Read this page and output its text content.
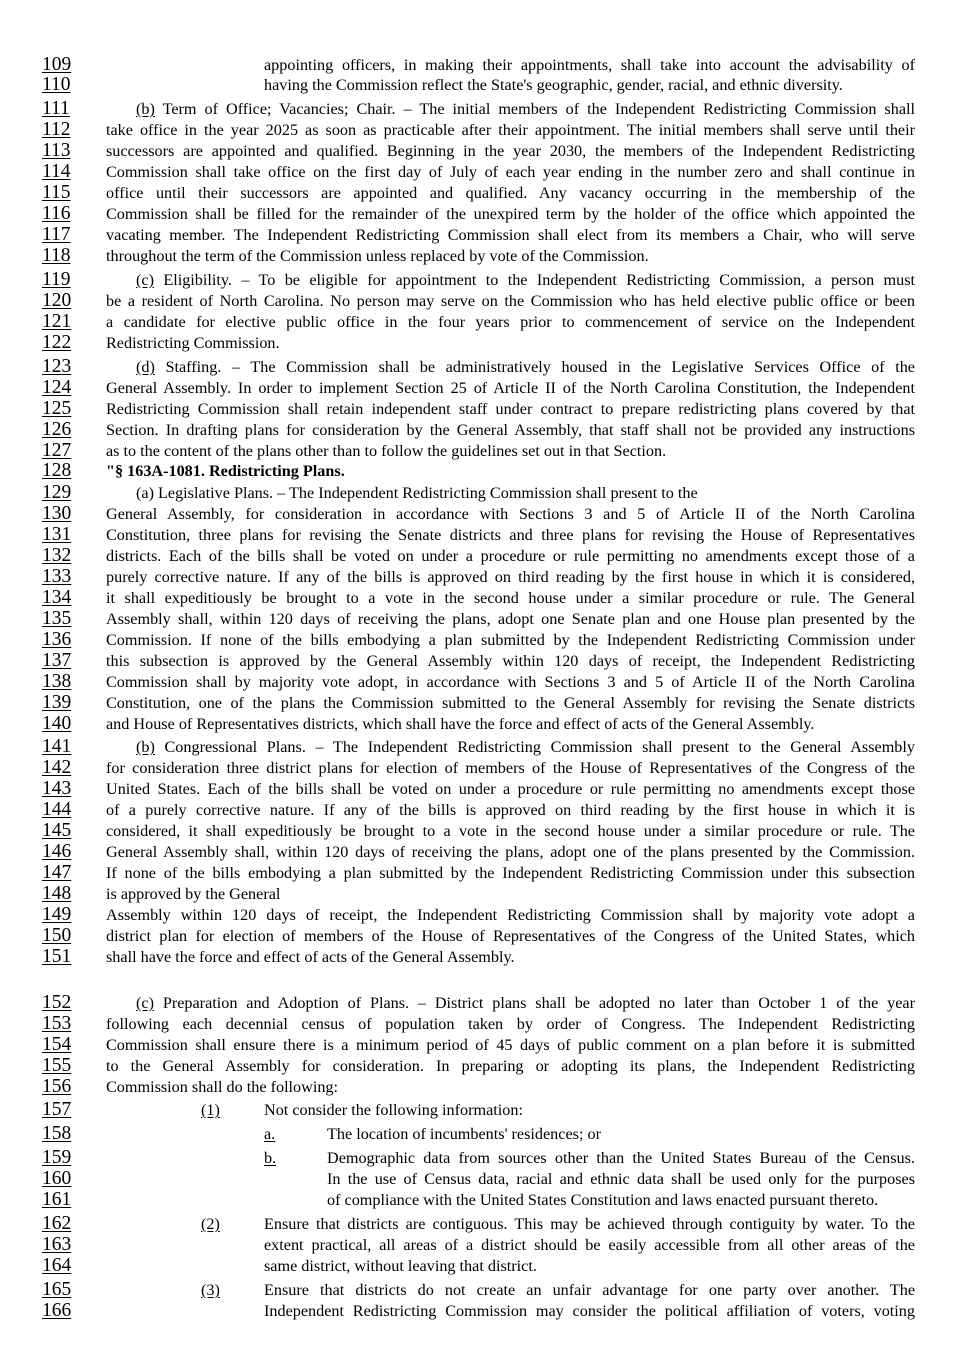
109	appointing officers, in making their appointments, shall take into account the advisability of
110	having the Commission reflect the State's geographic, gender, racial, and ethnic diversity.
111	(b) Term of Office; Vacancies; Chair. – The initial members of the Independent Redistricting Commission shall
112	take office in the year 2025 as soon as practicable after their appointment. The initial members shall serve until their
113	successors are appointed and qualified. Beginning in the year 2030, the members of the Independent Redistricting
114	Commission shall take office on the first day of July of each year ending in the number zero and shall continue in
115	office until their successors are appointed and qualified. Any vacancy occurring in the membership of the
116	Commission shall be filled for the remainder of the unexpired term by the holder of the office which appointed the
117	vacating member. The Independent Redistricting Commission shall elect from its members a Chair, who will serve
118	throughout the term of the Commission unless replaced by vote of the Commission.
119	(c) Eligibility. – To be eligible for appointment to the Independent Redistricting Commission, a person must
120 be a resident of North Carolina. No person may serve on the Commission who has held elective public office or been
121 a candidate for elective public office in the four years prior to commencement of service on the Independent
122 Redistricting Commission.
123	(d) Staffing. – The Commission shall be administratively housed in the Legislative Services Office of the
124 General Assembly. In order to implement Section 25 of Article II of the North Carolina Constitution, the Independent
125 Redistricting Commission shall retain independent staff under contract to prepare redistricting plans covered by that
126 Section. In drafting plans for consideration by the General Assembly, that staff shall not be provided any instructions
127 as to the content of the plans other than to follow the guidelines set out in that Section.
128 "§ 163A-1081. Redistricting Plans.
129	(a) Legislative Plans. – The Independent Redistricting Commission shall present to the
130 General Assembly, for consideration in accordance with Sections 3 and 5 of Article II of the North Carolina
131 Constitution, three plans for revising the Senate districts and three plans for revising the House of Representatives
132 districts. Each of the bills shall be voted on under a procedure or rule permitting no amendments except those of a
133 purely corrective nature. If any of the bills is approved on third reading by the first house in which it is considered,
134 it shall expeditiously be brought to a vote in the second house under a similar procedure or rule. The General
135 Assembly shall, within 120 days of receiving the plans, adopt one Senate plan and one House plan presented by the
136 Commission. If none of the bills embodying a plan submitted by the Independent Redistricting Commission under
137 this subsection is approved by the General Assembly within 120 days of receipt, the Independent Redistricting
138 Commission shall by majority vote adopt, in accordance with Sections 3 and 5 of Article II of the North Carolina
139 Constitution, one of the plans the Commission submitted to the General Assembly for revising the Senate districts
140 and House of Representatives districts, which shall have the force and effect of acts of the General Assembly.
141	(b) Congressional Plans. – The Independent Redistricting Commission shall present to the General Assembly
142 for consideration three district plans for election of members of the House of Representatives of the Congress of the
143 United States. Each of the bills shall be voted on under a procedure or rule permitting no amendments except those
144 of a purely corrective nature. If any of the bills is approved on third reading by the first house in which it is
145 considered, it shall expeditiously be brought to a vote in the second house under a similar procedure or rule. The
146 General Assembly shall, within 120 days of receiving the plans, adopt one of the plans presented by the Commission.
147 If none of the bills embodying a plan submitted by the Independent Redistricting Commission under this subsection
148 is approved by the General
149 Assembly within 120 days of receipt, the Independent Redistricting Commission shall by majority vote adopt a
150 district plan for election of members of the House of Representatives of the Congress of the United States, which
151 shall have the force and effect of acts of the General Assembly.
152	(c) Preparation and Adoption of Plans. – District plans shall be adopted no later than October 1 of the year
153 following each decennial census of population taken by order of Congress. The Independent Redistricting
154 Commission shall ensure there is a minimum period of 45 days of public comment on a plan before it is submitted
155 to the General Assembly for consideration. In preparing or adopting its plans, the Independent Redistricting
156 Commission shall do the following:
157	(1)	Not consider the following information:
158	a.	The location of incumbents' residences; or
159	b.	Demographic data from sources other than the United States Bureau of the Census.
160	In the use of Census data, racial and ethnic data shall be used only for the purposes
161	of compliance with the United States Constitution and laws enacted pursuant thereto.
162	(2)	Ensure that districts are contiguous. This may be achieved through contiguity by water. To the
163	extent practical, all areas of a district should be easily accessible from all other areas of the
164	same district, without leaving that district.
165	(3)	Ensure that districts do not create an unfair advantage for one party over another. The
166	Independent Redistricting Commission may consider the political affiliation of voters, voting
